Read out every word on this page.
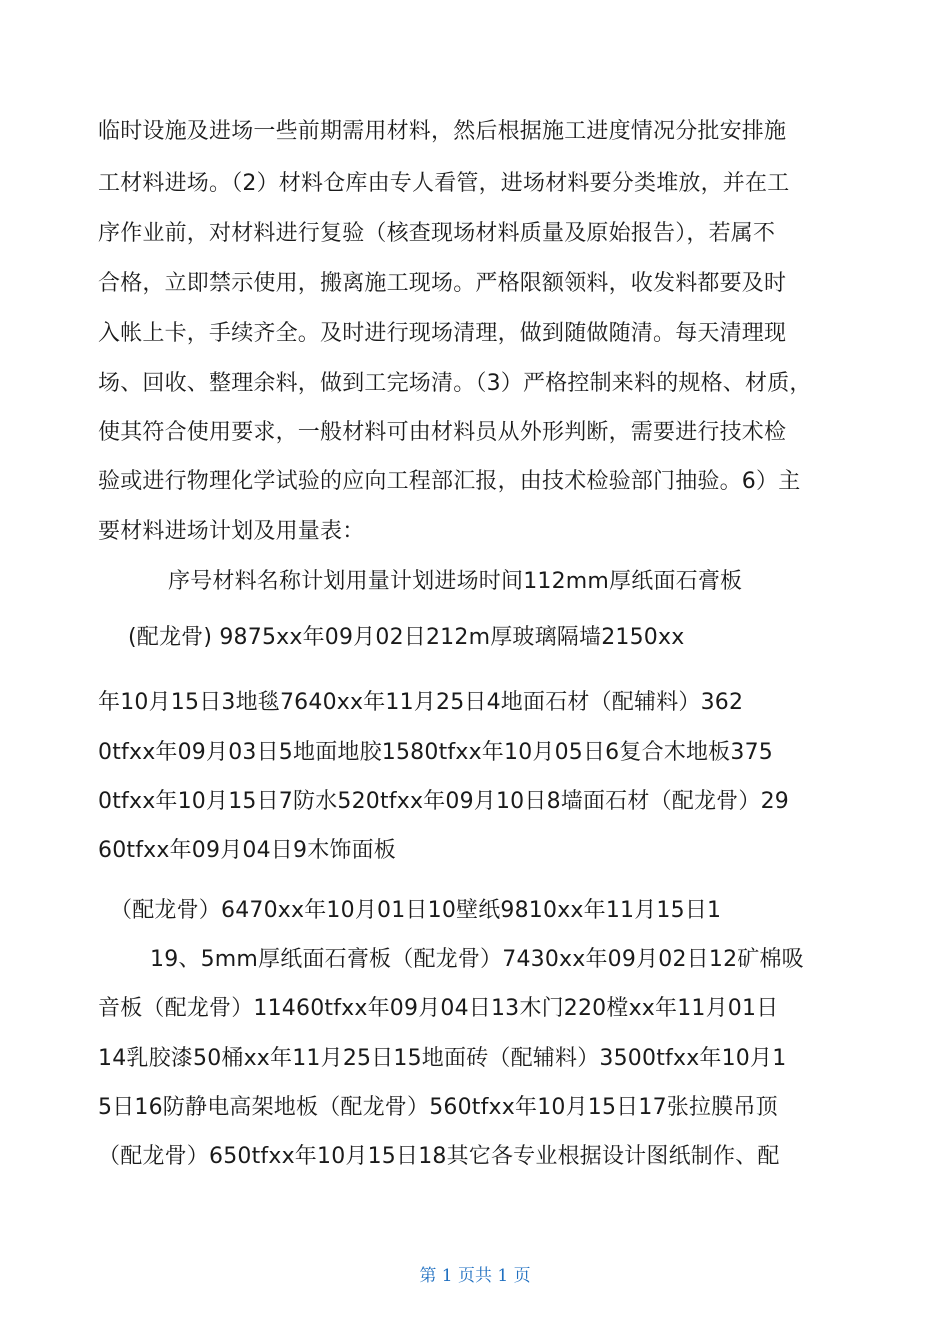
临时设施及进场一些前期需用材料，然后根据施工进度情况分批安排施
工材料进场。（2）材料仓库由专人看管，进场材料要分类堆放，并在工
序作业前，对材料进行复验（核查现场材料质量及原始报告），若属不
合格，立即禁示使用，搬离施工现场。严格限额领料，收发料都要及时
入帐上卡，手续齐全。及时进行现场清理，做到随做随清。每天清理现
场、回收、整理余料，做到工完场清。（3）严格控制来料的规格、材质，
使其符合使用要求，一般材料可由材料员从外形判断，需要进行技术检
验或进行物理化学试验的应向工程部汇报，由技术检验部门抽验。6）主
要材料进场计划及用量表：
序号材料名称计划用量计划进场时间112mm厚纸面石膏板
(配龙骨) 9875xx年09月02日212m厚玻璃隔墙2150xx
年10月15日3地毯7640xx年11月25日4地面石材（配辅料）362
0tfxx年09月03日5地面地胶1580tfxx年10月05日6复合木地板375
0tfxx年10月15日7防水520tfxx年09月10日8墙面石材（配龙骨）29
60tfxx年09月04日9木饰面板
（配龙骨）6470xx年10月01日10壁纸9810xx年11月15日1
19、5mm厚纸面石膏板（配龙骨）7430xx年09月02日12矿棉吸
音板（配龙骨）11460tfxx年09月04日13木门220樘xx年11月01日
14乳胶漆50桶xx年11月25日15地面砖（配辅料）3500tfxx年10月1
5日16防静电高架地板（配龙骨）560tfxx年10月15日17张拉膜吊顶
（配龙骨）650tfxx年10月15日18其它各专业根据设计图纸制作、配
第 1 页共 1 页
